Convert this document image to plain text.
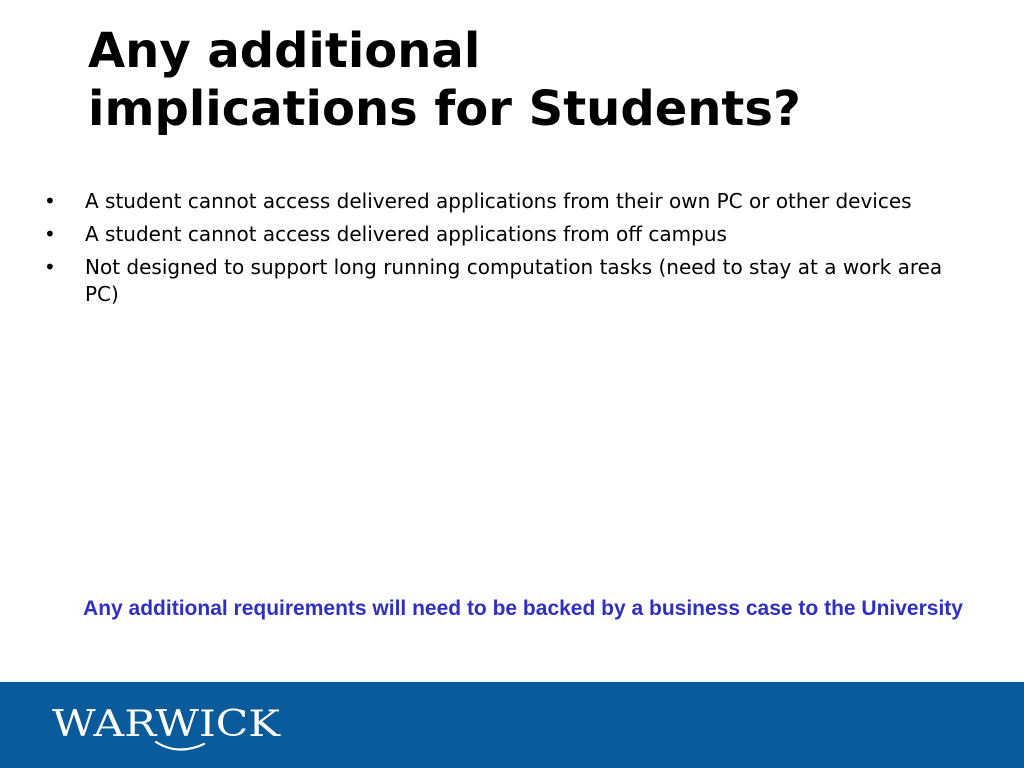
Any additional
implications for Students?
•	A student cannot access delivered applications from their own PC or other devices
•	A student cannot access delivered applications from off campus
•	Not designed to support long running computation tasks (need to stay at a work area PC)

Any additional requirements will need to be backed by a business case to the University

WARWICK
